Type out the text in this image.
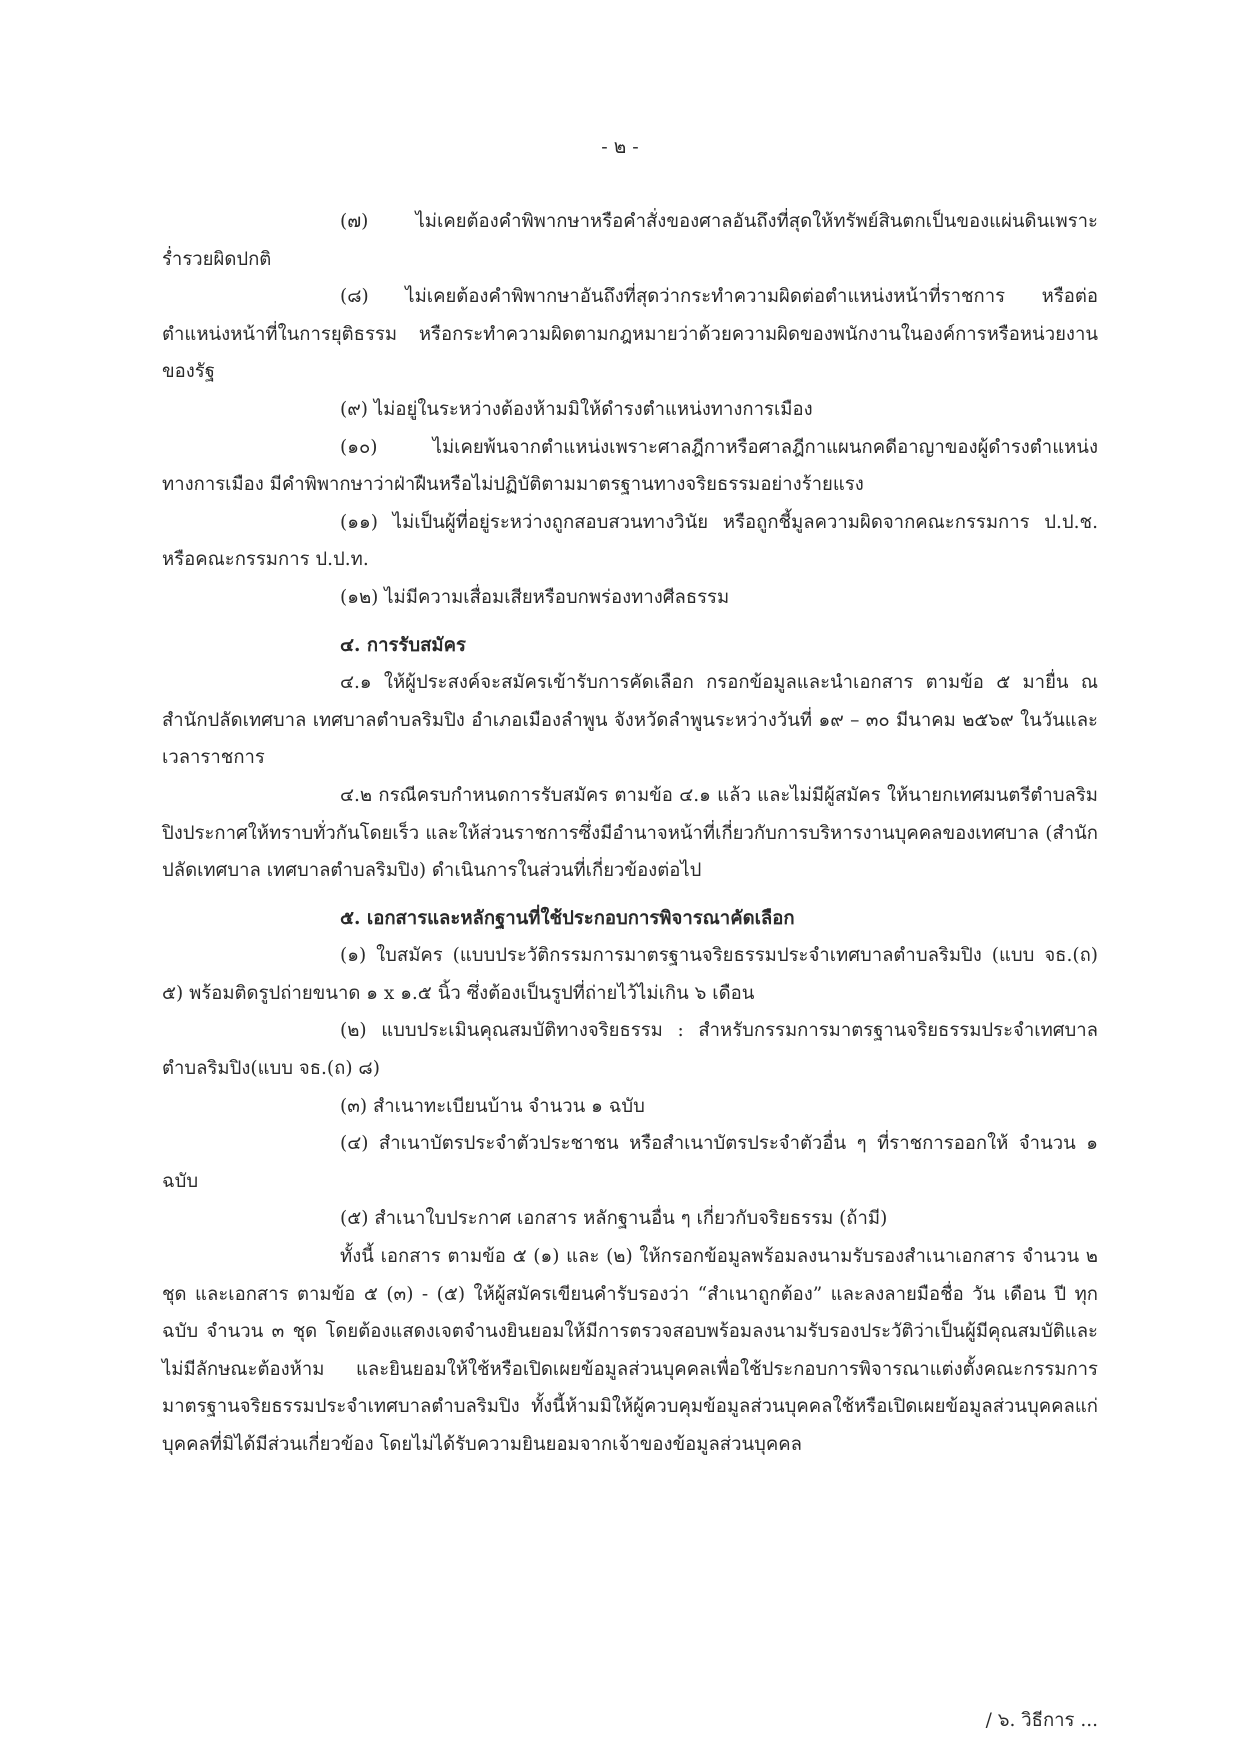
- ๒ -

(๗) ไม่เคยต้องคำพิพากษาหรือคำสั่งของศาลอันถึงที่สุดให้ทรัพย์สินตกเป็นของแผ่นดินเพราะร่ำรวยผิดปกติ

(๘) ไม่เคยต้องคำพิพากษาอันถึงที่สุดว่ากระทำความผิดต่อตำแหน่งหน้าที่ราชการ หรือต่อตำแหน่งหน้าที่ในการยุติธรรม หรือกระทำความผิดตามกฎหมายว่าด้วยความผิดของพนักงานในองค์การหรือหน่วยงานของรัฐ

(๙) ไม่อยู่ในระหว่างต้องห้ามมิให้ดำรงตำแหน่งทางการเมือง

(๑๐) ไม่เคยพ้นจากตำแหน่งเพราะศาลฎีกาหรือศาลฎีกาแผนกคดีอาญาของผู้ดำรงตำแหน่งทางการเมือง มีคำพิพากษาว่าฝ่าฝืนหรือไม่ปฏิบัติตามมาตรฐานทางจริยธรรมอย่างร้ายแรง

(๑๑) ไม่เป็นผู้ที่อยู่ระหว่างถูกสอบสวนทางวินัย หรือถูกชี้มูลความผิดจากคณะกรรมการ ป.ป.ช. หรือคณะกรรมการ ป.ป.ท.

(๑๒) ไม่มีความเสื่อมเสียหรือบกพร่องทางศีลธรรม

๔. การรับสมัคร

๔.๑ ให้ผู้ประสงค์จะสมัครเข้ารับการคัดเลือก กรอกข้อมูลและนำเอกสาร ตามข้อ ๕ มายื่น ณ สำนักปลัดเทศบาล เทศบาลตำบลริมปิง อำเภอเมืองลำพูน จังหวัดลำพูนระหว่างวันที่ ๑๙ – ๓๐ มีนาคม ๒๕๖๙ ในวันและเวลาราชการ

๔.๒ กรณีครบกำหนดการรับสมัคร ตามข้อ ๔.๑ แล้ว และไม่มีผู้สมัคร ให้นายกเทศมนตรีตำบลริมปิงประกาศให้ทราบทั่วกันโดยเร็ว และให้ส่วนราชการซึ่งมีอำนาจหน้าที่เกี่ยวกับการบริหารงานบุคคลของเทศบาล (สำนักปลัดเทศบาล เทศบาลตำบลริมปิง) ดำเนินการในส่วนที่เกี่ยวข้องต่อไป

๕. เอกสารและหลักฐานที่ใช้ประกอบการพิจารณาคัดเลือก

(๑) ใบสมัคร (แบบประวัติกรรมการมาตรฐานจริยธรรมประจำเทศบาลตำบลริมปิง (แบบ จธ.(ถ) ๕) พร้อมติดรูปถ่ายขนาด ๑ x ๑.๕ นิ้ว ซึ่งต้องเป็นรูปที่ถ่ายไว้ไม่เกิน ๖ เดือน

(๒) แบบประเมินคุณสมบัติทางจริยธรรม : สำหรับกรรมการมาตรฐานจริยธรรมประจำเทศบาลตำบลริมปิง(แบบ จธ.(ถ) ๘)

(๓) สำเนาทะเบียนบ้าน จำนวน ๑ ฉบับ

(๔) สำเนาบัตรประจำตัวประชาชน หรือสำเนาบัตรประจำตัวอื่น ๆ ที่ราชการออกให้ จำนวน ๑ ฉบับ

(๕) สำเนาใบประกาศ เอกสาร หลักฐานอื่น ๆ เกี่ยวกับจริยธรรม (ถ้ามี)

ทั้งนี้ เอกสาร ตามข้อ ๕ (๑) และ (๒) ให้กรอกข้อมูลพร้อมลงนามรับรองสำเนาเอกสาร จำนวน ๒ ชุด และเอกสาร ตามข้อ ๕ (๓) - (๕) ให้ผู้สมัครเขียนคำรับรองว่า “สำเนาถูกต้อง” และลงลายมือชื่อ วัน เดือน ปี ทุกฉบับ จำนวน ๓ ชุด โดยต้องแสดงเจตจำนงยินยอมให้มีการตรวจสอบพร้อมลงนามรับรองประวัติว่าเป็นผู้มีคุณสมบัติและไม่มีลักษณะต้องห้าม และยินยอมให้ใช้หรือเปิดเผยข้อมูลส่วนบุคคลเพื่อใช้ประกอบการพิจารณาแต่งตั้งคณะกรรมการมาตรฐานจริยธรรมประจำเทศบาลตำบลริมปิง ทั้งนี้ห้ามมิให้ผู้ควบคุมข้อมูลส่วนบุคคลใช้หรือเปิดเผยข้อมูลส่วนบุคคลแก่บุคคลที่มิได้มีส่วนเกี่ยวข้อง โดยไม่ได้รับความยินยอมจากเจ้าของข้อมูลส่วนบุคคล

/ ๖. วิธีการ ...
